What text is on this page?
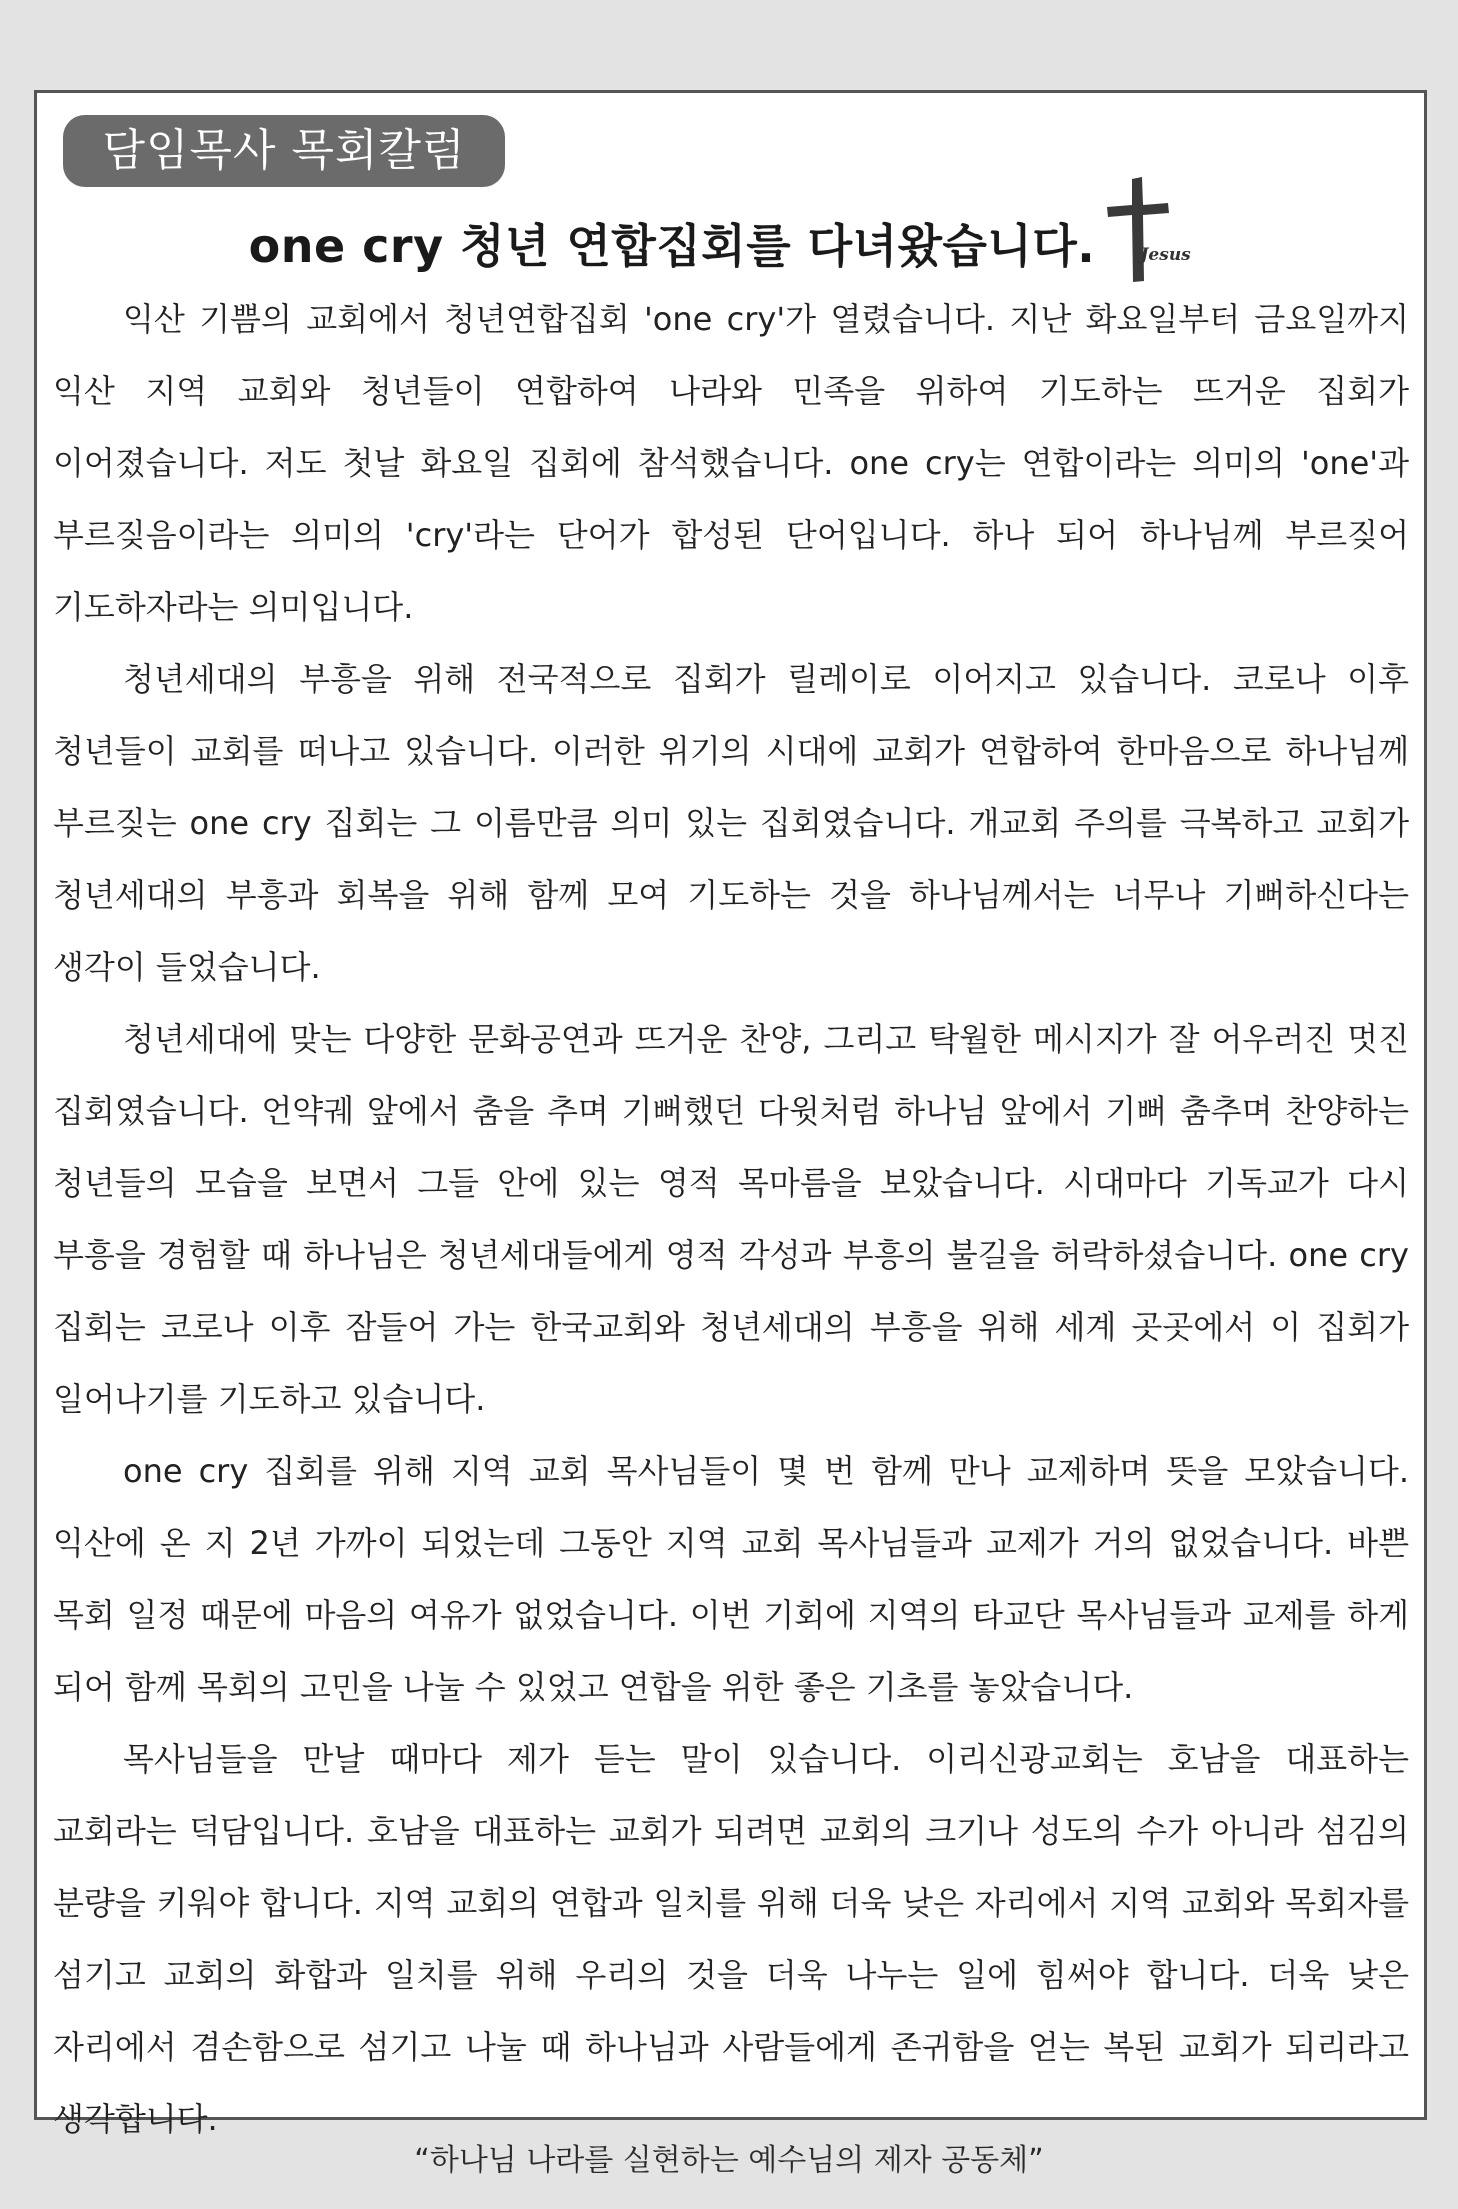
담임목사 목회칼럼
one cry 청년 연합집회를 다녀왔습니다.	Jesus

익산 기쁨의 교회에서 청년연합집회 'one cry'가 열렸습니다. 지난 화요일부터 금요일까지 익산 지역 교회와 청년들이 연합하여 나라와 민족을 위하여 기도하는 뜨거운 집회가 이어졌습니다. 저도 첫날 화요일 집회에 참석했습니다. one cry는 연합이라는 의미의 'one'과 부르짖음이라는 의미의 'cry'라는 단어가 합성된 단어입니다. 하나 되어 하나님께 부르짖어 기도하자라는 의미입니다.

청년세대의 부흥을 위해 전국적으로 집회가 릴레이로 이어지고 있습니다. 코로나 이후 청년들이 교회를 떠나고 있습니다. 이러한 위기의 시대에 교회가 연합하여 한마음으로 하나님께 부르짖는 one cry 집회는 그 이름만큼 의미 있는 집회였습니다. 개교회 주의를 극복하고 교회가 청년세대의 부흥과 회복을 위해 함께 모여 기도하는 것을 하나님께서는 너무나 기뻐하신다는 생각이 들었습니다.

청년세대에 맞는 다양한 문화공연과 뜨거운 찬양, 그리고 탁월한 메시지가 잘 어우러진 멋진 집회였습니다. 언약궤 앞에서 춤을 추며 기뻐했던 다윗처럼 하나님 앞에서 기뻐 춤추며 찬양하는 청년들의 모습을 보면서 그들 안에 있는 영적 목마름을 보았습니다. 시대마다 기독교가 다시 부흥을 경험할 때 하나님은 청년세대들에게 영적 각성과 부흥의 불길을 허락하셨습니다. one cry 집회는 코로나 이후 잠들어 가는 한국교회와 청년세대의 부흥을 위해 세계 곳곳에서 이 집회가 일어나기를 기도하고 있습니다.

one cry 집회를 위해 지역 교회 목사님들이 몇 번 함께 만나 교제하며 뜻을 모았습니다. 익산에 온 지 2년 가까이 되었는데 그동안 지역 교회 목사님들과 교제가 거의 없었습니다. 바쁜 목회 일정 때문에 마음의 여유가 없었습니다. 이번 기회에 지역의 타교단 목사님들과 교제를 하게 되어 함께 목회의 고민을 나눌 수 있었고 연합을 위한 좋은 기초를 놓았습니다.

목사님들을 만날 때마다 제가 듣는 말이 있습니다. 이리신광교회는 호남을 대표하는 교회라는 덕담입니다. 호남을 대표하는 교회가 되려면 교회의 크기나 성도의 수가 아니라 섬김의 분량을 키워야 합니다. 지역 교회의 연합과 일치를 위해 더욱 낮은 자리에서 지역 교회와 목회자를 섬기고 교회의 화합과 일치를 위해 우리의 것을 더욱 나누는 일에 힘써야 합니다. 더욱 낮은 자리에서 겸손함으로 섬기고 나눌 때 하나님과 사람들에게 존귀함을 얻는 복된 교회가 되리라고 생각합니다.

“하나님 나라를 실현하는 예수님의 제자 공동체”
